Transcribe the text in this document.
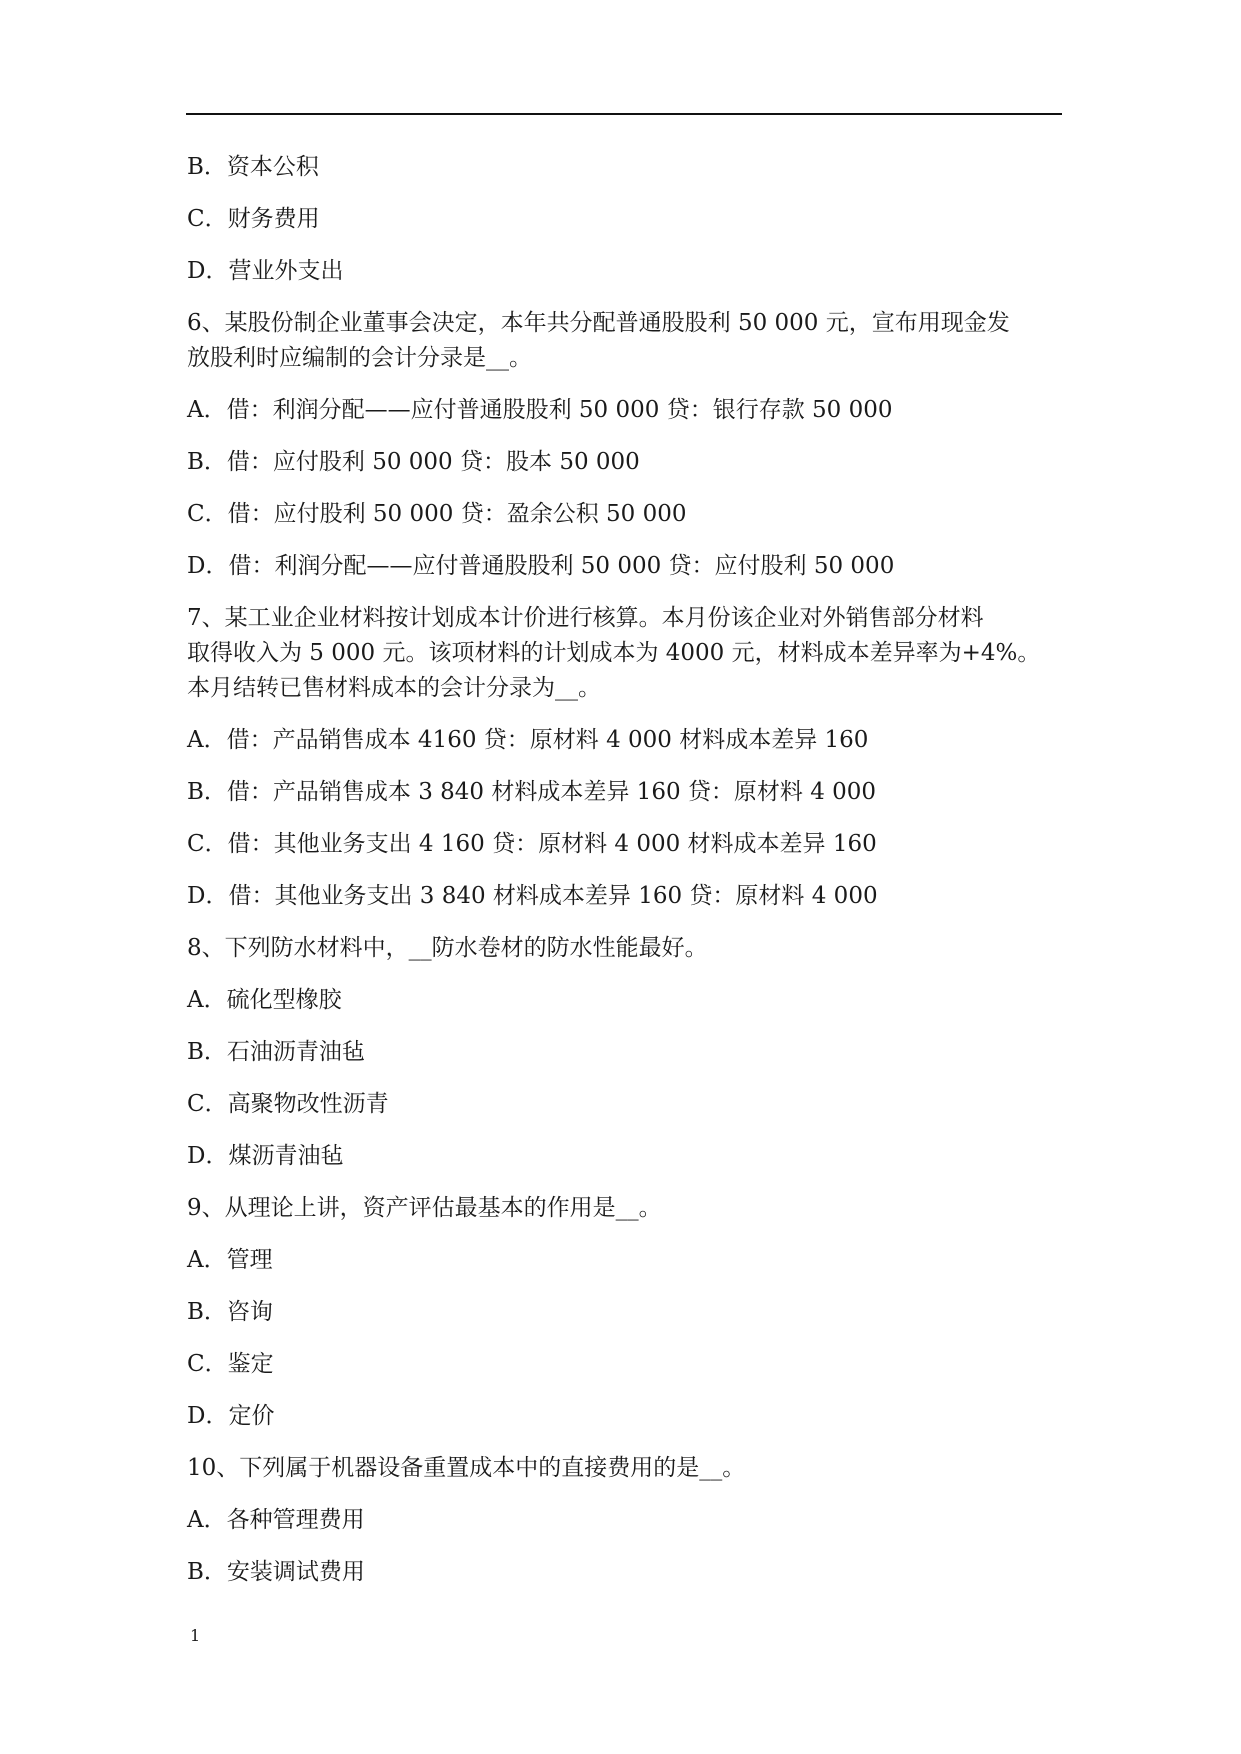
B．资本公积
C．财务费用
D．营业外支出
6、某股份制企业董事会决定，本年共分配普通股股利 50 000 元，宣布用现金发
放股利时应编制的会计分录是__。
A．借：利润分配——应付普通股股利 50 000 贷：银行存款 50 000
B．借：应付股利 50 000 贷：股本 50 000
C．借：应付股利 50 000 贷：盈余公积 50 000
D．借：利润分配——应付普通股股利 50 000 贷：应付股利 50 000
7、某工业企业材料按计划成本计价进行核算。本月份该企业对外销售部分材料
取得收入为 5 000 元。该项材料的计划成本为 4000 元，材料成本差异率为+4%。
本月结转已售材料成本的会计分录为__。
A．借：产品销售成本 4160 贷：原材料 4 000 材料成本差异 160
B．借：产品销售成本 3 840 材料成本差异 160 贷：原材料 4 000
C．借：其他业务支出 4 160 贷：原材料 4 000 材料成本差异 160
D．借：其他业务支出 3 840 材料成本差异 160 贷：原材料 4 000
8、下列防水材料中，__防水卷材的防水性能最好。
A．硫化型橡胶
B．石油沥青油毡
C．高聚物改性沥青
D．煤沥青油毡
9、从理论上讲，资产评估最基本的作用是__。
A．管理
B．咨询
C．鉴定
D．定价
10、下列属于机器设备重置成本中的直接费用的是__。
A．各种管理费用
B．安装调试费用
1
